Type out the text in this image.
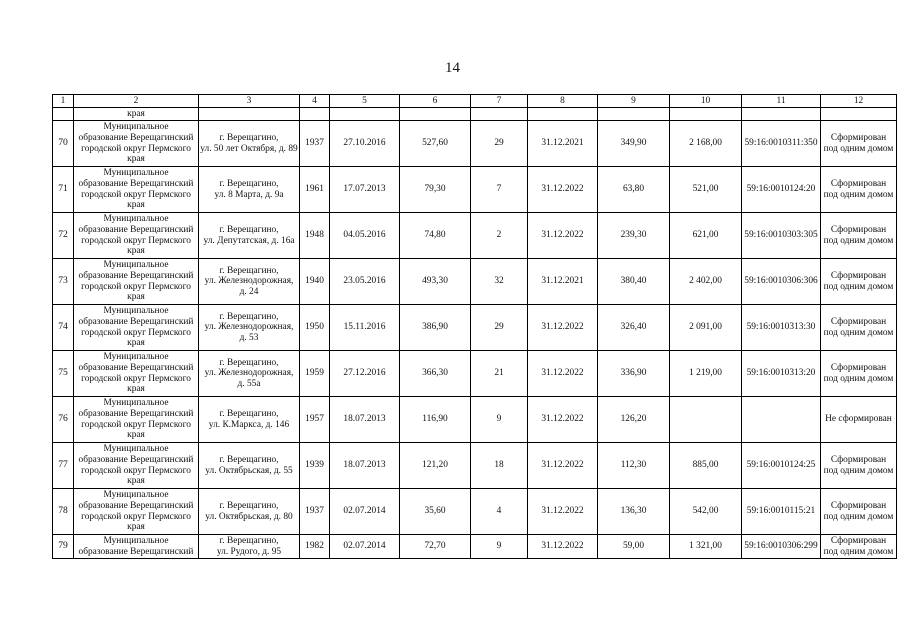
14
1	2	3	4	5	6	7	8	9	10	11	12
	края										
70	Муниципальное
образование Верещагинский
городской округ Пермского
края	г. Верещагино,
ул. 50 лет Октября, д. 89	1937	27.10.2016	527,60	29	31.12.2021	349,90	2 168,00	59:16:0010311:350	Сформирован
под одним домом
71	Муниципальное
образование Верещагинский
городской округ Пермского
края	г. Верещагино,
ул. 8 Марта, д. 9а	1961	17.07.2013	79,30	7	31.12.2022	63,80	521,00	59:16:0010124:20	Сформирован
под одним домом
72	Муниципальное
образование Верещагинский
городской округ Пермского
края	г. Верещагино,
ул. Депутатская, д. 16а	1948	04.05.2016	74,80	2	31.12.2022	239,30	621,00	59:16:0010303:305	Сформирован
под одним домом
73	Муниципальное
образование Верещагинский
городской округ Пермского
края	г. Верещагино,
ул. Железнодорожная,
д. 24	1940	23.05.2016	493,30	32	31.12.2021	380,40	2 402,00	59:16:0010306:306	Сформирован
под одним домом
74	Муниципальное
образование Верещагинский
городской округ Пермского
края	г. Верещагино,
ул. Железнодорожная,
д. 53	1950	15.11.2016	386,90	29	31.12.2022	326,40	2 091,00	59:16:0010313:30	Сформирован
под одним домом
75	Муниципальное
образование Верещагинский
городской округ Пермского
края	г. Верещагино,
ул. Железнодорожная,
д. 55а	1959	27.12.2016	366,30	21	31.12.2022	336,90	1 219,00	59:16:0010313:20	Сформирован
под одним домом
76	Муниципальное
образование Верещагинский
городской округ Пермского
края	г. Верещагино,
ул. К.Маркса, д. 146	1957	18.07.2013	116,90	9	31.12.2022	126,20			Не сформирован
77	Муниципальное
образование Верещагинский
городской округ Пермского
края	г. Верещагино,
ул. Октябрьская, д. 55	1939	18.07.2013	121,20	18	31.12.2022	112,30	885,00	59:16:0010124:25	Сформирован
под одним домом
78	Муниципальное
образование Верещагинский
городской округ Пермского
края	г. Верещагино,
ул. Октябрьская, д. 80	1937	02.07.2014	35,60	4	31.12.2022	136,30	542,00	59:16:0010115:21	Сформирован
под одним домом
79	Муниципальное
образование Верещагинский	г. Верещагино,
ул. Рудого, д. 95	1982	02.07.2014	72,70	9	31.12.2022	59,00	1 321,00	59:16:0010306:299	Сформирован
под одним домом
